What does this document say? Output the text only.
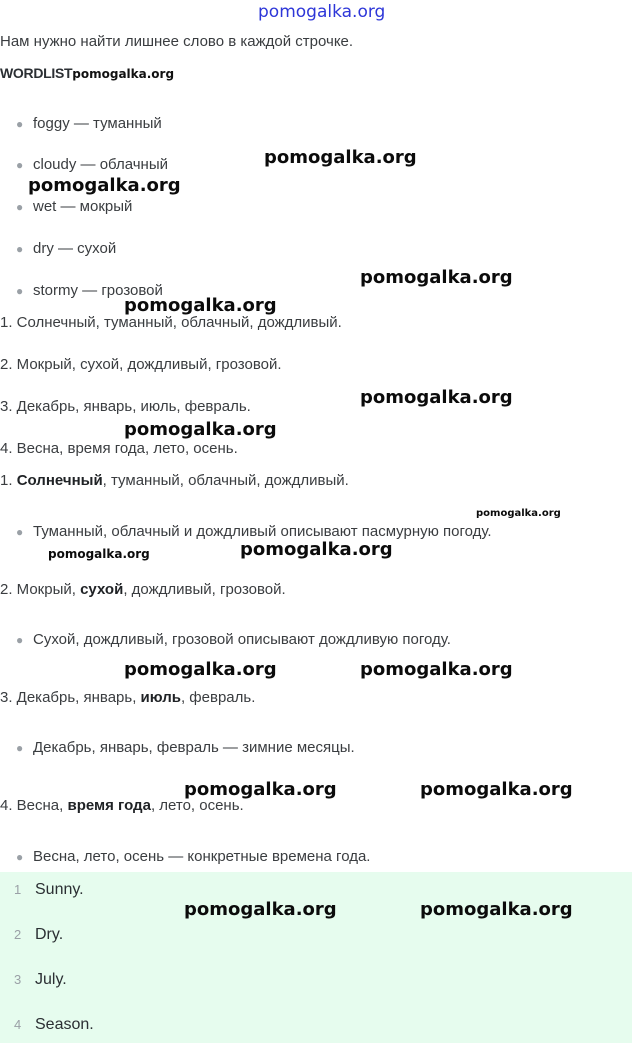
pomogalka.org
Нам нужно найти лишнее слово в каждой строчке.
WORDLISTpomogalka.org
● foggy — туманный
● cloudy — облачный
● wet — мокрый
● dry — сухой
● stormy — грозовой
1. Солнечный, туманный, облачный, дождливый.
2. Мокрый, сухой, дождливый, грозовой.
3. Декабрь, январь, июль, февраль.
4. Весна, время года, лето, осень.
1. Солнечный, туманный, облачный, дождливый.
● Туманный, облачный и дождливый описывают пасмурную погоду.
2. Мокрый, сухой, дождливый, грозовой.
● Сухой, дождливый, грозовой описывают дождливую погоду.
3. Декабрь, январь, июль, февраль.
● Декабрь, январь, февраль — зимние месяцы.
4. Весна, время года, лето, осень.
● Весна, лето, осень — конкретные времена года.
1 Sunny.
2 Dry.
3 July.
4 Season.
pomogalka.org
pomogalka.org
pomogalka.org
pomogalka.org
pomogalka.org
pomogalka.org
pomogalka.org
pomogalka.org	pomogalka.org
pomogalka.org	pomogalka.org
pomogalka.org	pomogalka.org
pomogalka.org	pomogalka.org
